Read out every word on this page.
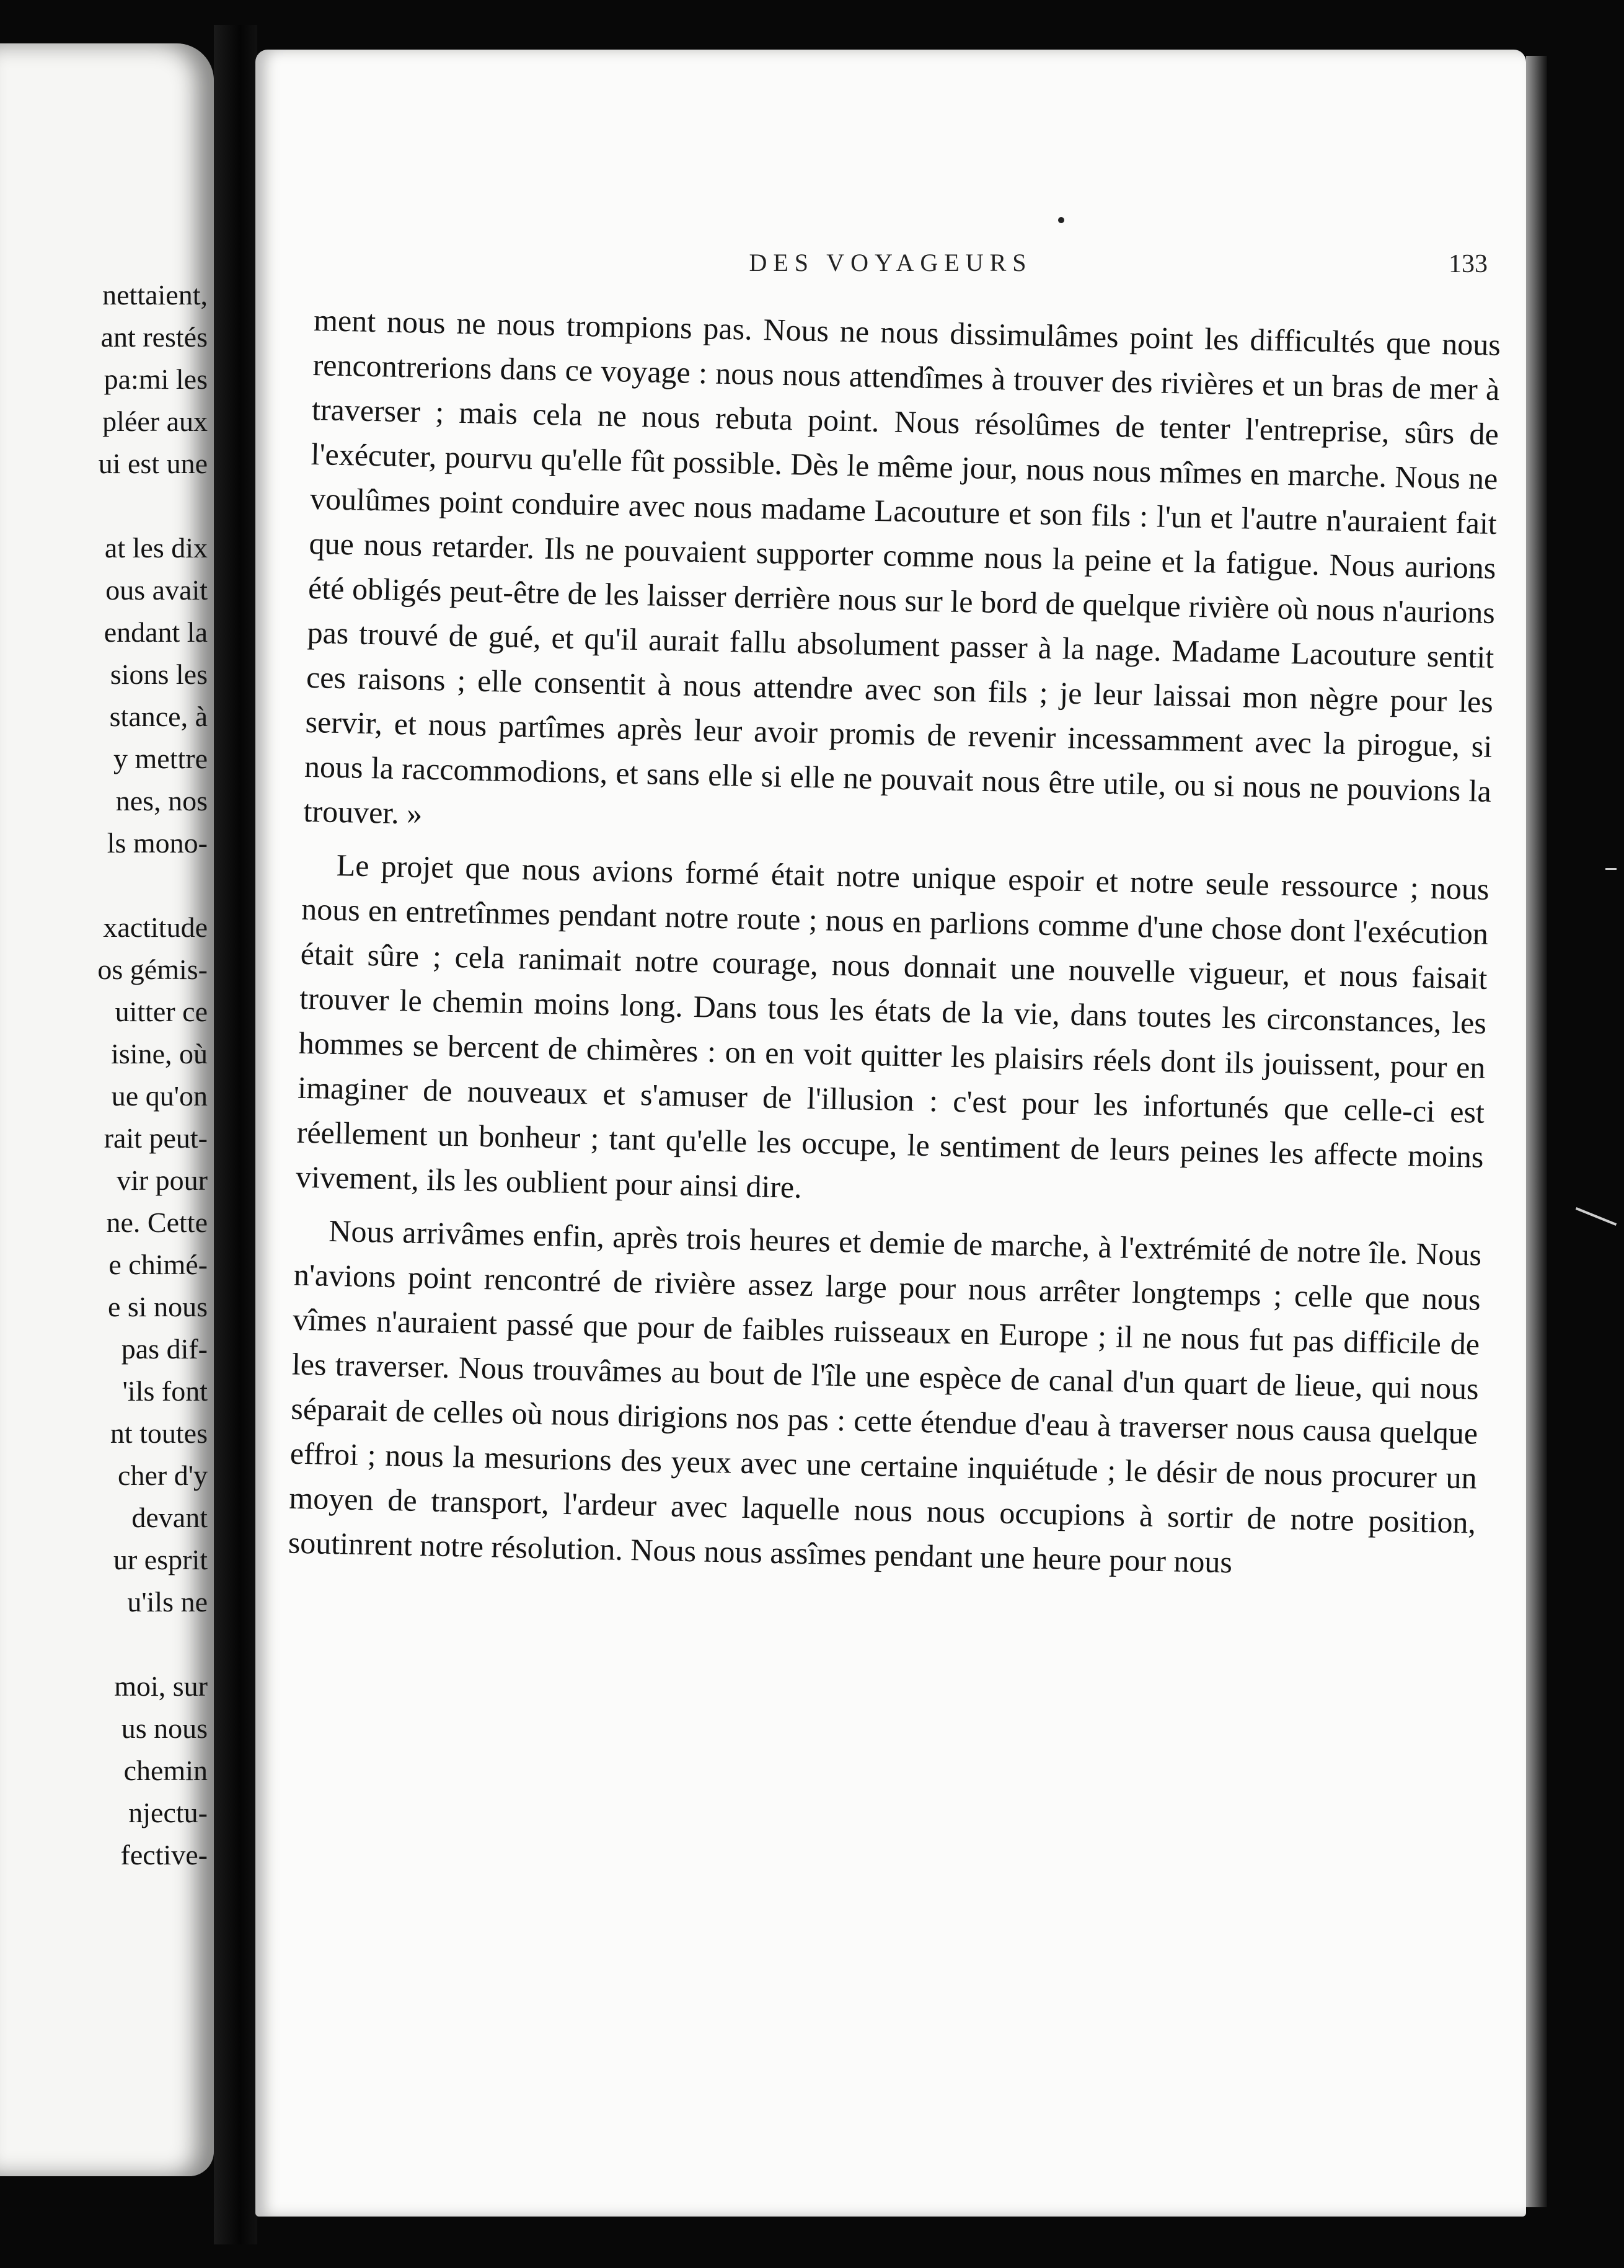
nettaient,
ant restés
pa:mi les
pléer aux
ui est une
at les dix
ous avait
endant la
sions les
stance, à
y mettre
nes, nos
ls mono-
xactitude
os gémis-
uitter ce
isine, où
ue qu'on
rait peut-
vir pour
ne. Cette
e chimé-
e si nous
pas dif-
'ils font
nt toutes
cher d'y
devant
ur esprit
u'ils ne
moi, sur
us nous
chemin
njectu-
fective-
DES VOYAGEURS	133

ment nous ne nous trompions pas. Nous ne nous dissimulâmes point les difficultés que nous rencontrerions dans ce voyage : nous nous attendîmes à trouver des rivières et un bras de mer à traverser ; mais cela ne nous rebuta point. Nous résolûmes de tenter l'entreprise, sûrs de l'exécuter, pourvu qu'elle fût possible. Dès le même jour, nous nous mîmes en marche. Nous ne voulûmes point conduire avec nous madame Lacouture et son fils : l'un et l'autre n'auraient fait que nous retarder. Ils ne pouvaient supporter comme nous la peine et la fatigue. Nous aurions été obligés peut-être de les laisser derrière nous sur le bord de quelque rivière où nous n'aurions pas trouvé de gué, et qu'il aurait fallu absolument passer à la nage. Madame Lacouture sentit ces raisons ; elle consentit à nous attendre avec son fils ; je leur laissai mon nègre pour les servir, et nous partîmes après leur avoir promis de revenir incessamment avec la pirogue, si nous la raccommodions, et sans elle si elle ne pouvait nous être utile, ou si nous ne pouvions la trouver. »

Le projet que nous avions formé était notre unique espoir et notre seule ressource ; nous nous en entretînmes pendant notre route ; nous en parlions comme d'une chose dont l'exécution était sûre ; cela ranimait notre courage, nous donnait une nouvelle vigueur, et nous faisait trouver le chemin moins long. Dans tous les états de la vie, dans toutes les circonstances, les hommes se bercent de chimères : on en voit quitter les plaisirs réels dont ils jouissent, pour en imaginer de nouveaux et s'amuser de l'illusion : c'est pour les infortunés que celle-ci est réellement un bonheur ; tant qu'elle les occupe, le sentiment de leurs peines les affecte moins vivement, ils les oublient pour ainsi dire.

Nous arrivâmes enfin, après trois heures et demie de marche, à l'extrémité de notre île. Nous n'avions point rencontré de rivière assez large pour nous arrêter longtemps ; celle que nous vîmes n'auraient passé que pour de faibles ruisseaux en Europe ; il ne nous fut pas difficile de les traverser. Nous trouvâmes au bout de l'île une espèce de canal d'un quart de lieue, qui nous séparait de celles où nous dirigions nos pas : cette étendue d'eau à traverser nous causa quelque effroi ; nous la mesurions des yeux avec une certaine inquiétude ; le désir de nous procurer un moyen de transport, l'ardeur avec laquelle nous nous occupions à sortir de notre position, soutinrent notre résolution. Nous nous assîmes pendant une heure pour nous
